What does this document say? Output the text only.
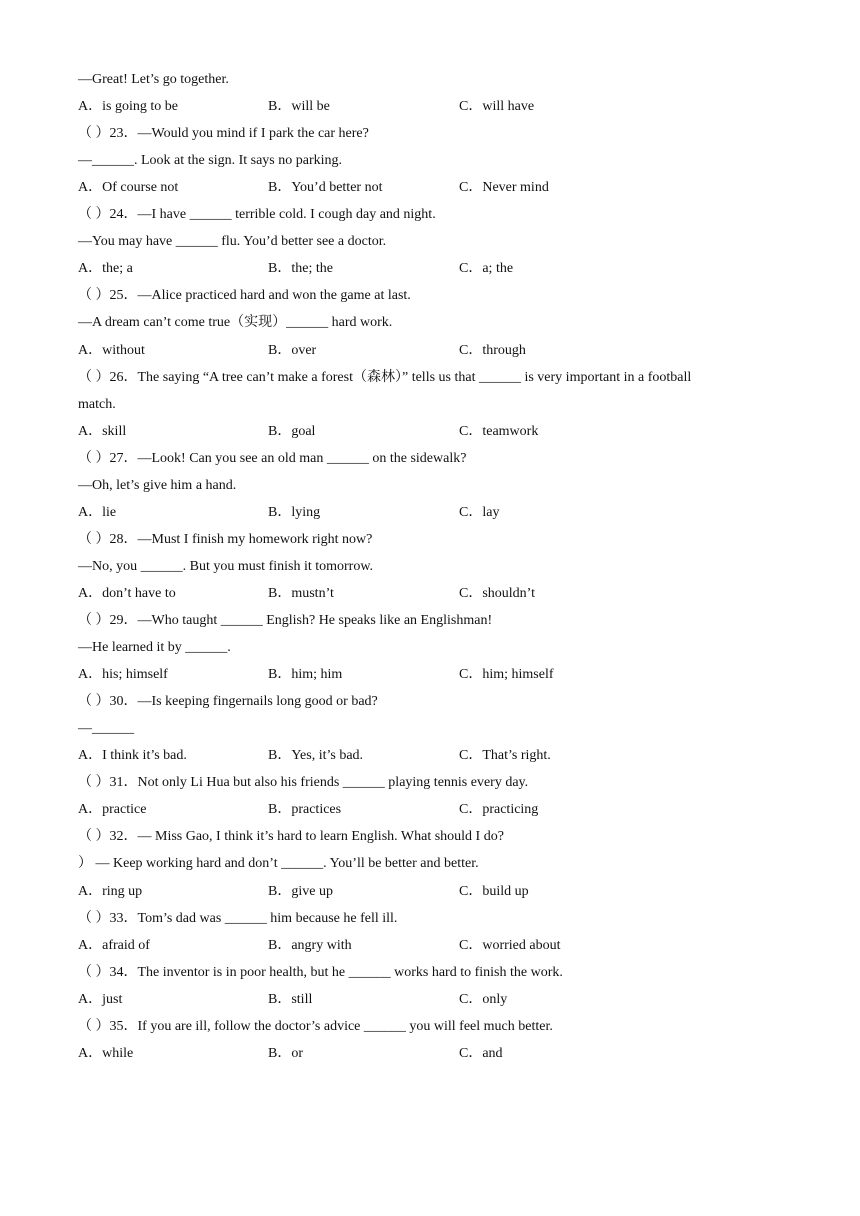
—Great! Let’s go together.
A．is going to be	B．will be	C．will have
（ ）23．—Would you mind if I park the car here?
—______. Look at the sign. It says no parking.
A．Of course not	B．You’d better not	C．Never mind
（ ）24．—I have ______ terrible cold. I cough day and night.
—You may have ______ flu. You’d better see a doctor.
A．the; a	B．the; the	C．a; the
（ ）25．—Alice practiced hard and won the game at last.
—A dream can’t come true（实现）______ hard work.
A．without	B．over	C．through
（ ）26．The saying “A tree can’t make a forest（森林）” tells us that ______ is very important in a football
match.
A．skill	B．goal	C．teamwork
（ ）27．—Look! Can you see an old man ______ on the sidewalk?
—Oh, let’s give him a hand.
A．lie	B．lying	C．lay
（ ）28．—Must I finish my homework right now?
—No, you ______. But you must finish it tomorrow.
A．don’t have to	B．mustn’t	C．shouldn’t
（ ）29．—Who taught ______ English? He speaks like an Englishman!
—He learned it by ______.
A．his; himself	B．him; him	C．him; himself
（ ）30．—Is keeping fingernails long good or bad?
—______
A．I think it’s bad.	B．Yes, it’s bad.	C．That’s right.
（ ）31．Not only Li Hua but also his friends ______ playing tennis every day.
A．practice	B．practices	C．practicing
（ ）32．— Miss Gao, I think it’s hard to learn English. What should I do?
） — Keep working hard and don’t ______. You’ll be better and better.
A．ring up	B．give up	C．build up
（ ）33．Tom’s dad was ______ him because he fell ill.
A．afraid of	B．angry with	C．worried about
（ ）34．The inventor is in poor health, but he ______ works hard to finish the work.
A．just	B．still	C．only
（ ）35．If you are ill, follow the doctor’s advice ______ you will feel much better.
A．while	B．or	C．and
